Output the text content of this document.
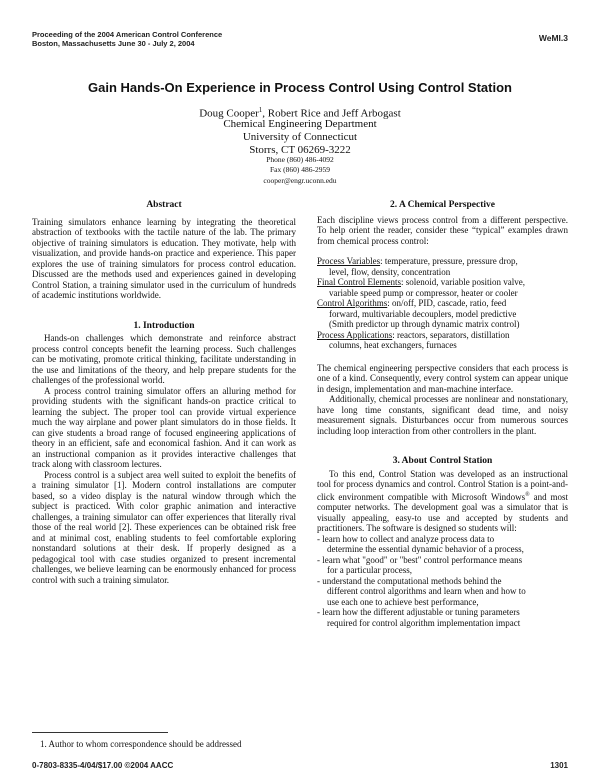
Proceeding of the 2004 American Control Conference
Boston, Massachusetts June 30 - July 2, 2004
WeMI.3
Gain Hands-On Experience in Process Control Using Control Station
Doug Cooper$^1$, Robert Rice and Jeff Arbogast
Chemical Engineering Department
University of Connecticut
Storrs, CT 06269-3222
Phone (860) 486-4092
Fax (860) 486-2959
cooper@engr.uconn.edu
Abstract

Training simulators enhance learning by integrating the theoretical abstraction of textbooks with the tactile nature of the lab. The primary objective of training simulators is education. They motivate, help with visualization, and provide hands-on practice and experience. This paper explores the use of training simulators for process control education. Discussed are the methods used and experiences gained in developing Control Station, a training simulator used in the curriculum of hundreds of academic institutions worldwide.

1. Introduction

Hands-on challenges which demonstrate and reinforce abstract process control concepts benefit the learning process. Such challenges can be motivating, promote critical thinking, facilitate understanding in the use and limitations of the theory, and help prepare students for the challenges of the professional world.

A process control training simulator offers an alluring method for providing students with the significant hands-on practice critical to learning the subject. The proper tool can provide virtual experience much the way airplane and power plant simulators do in those fields. It can give students a broad range of focused engineering applications of theory in an efficient, safe and economical fashion. And it can work as an instructional companion as it provides interactive challenges that track along with classroom lectures.

Process control is a subject area well suited to exploit the benefits of a training simulator [1]. Modern control installations are computer based, so a video display is the natural window through which the subject is practiced. With color graphic animation and interactive challenges, a training simulator can offer experiences that literally rival those of the real world [2]. These experiences can be obtained risk free and at minimal cost, enabling students to feel comfortable exploring nonstandard solutions at their desk. If properly designed as a pedagogical tool with case studies organized to present incremental challenges, we believe learning can be enormously enhanced for process control with such a training simulator.

2. A Chemical Perspective

Each discipline views process control from a different perspective. To help orient the reader, consider these “typical” examples drawn from chemical process control:

Process Variables: temperature, pressure, pressure drop,
level, flow, density, concentration
Final Control Elements: solenoid, variable position valve,
variable speed pump or compressor, heater or cooler
Control Algorithms: on/off, PID, cascade, ratio, feed
forward, multivariable decouplers, model predictive
(Smith predictor up through dynamic matrix control)
Process Applications: reactors, separators, distillation
columns, heat exchangers, furnaces

The chemical engineering perspective considers that each process is one of a kind. Consequently, every control system can appear unique in design, implementation and man-machine interface.

Additionally, chemical processes are nonlinear and nonstationary, have long time constants, significant dead time, and noisy measurement signals. Disturbances occur from numerous sources including loop interaction from other controllers in the plant.

3. About Control Station

To this end, Control Station was developed as an instructional tool for process dynamics and control. Control Station is a point-and-click environment compatible with Microsoft Windows® and most computer networks. The development goal was a simulator that is visually appealing, easy-to use and accepted by students and practitioners. The software is designed so students will:

- learn how to collect and analyze process data to
determine the essential dynamic behavior of a process,
- learn what "good" or "best" control performance means
for a particular process,
- understand the computational methods behind the
different control algorithms and learn when and how to
use each one to achieve best performance,
- learn how the different adjustable or tuning parameters
required for control algorithm implementation impact
1. Author to whom correspondence should be addressed
0-7803-8335-4/04/$17.00 ©2004 AACC	1301
